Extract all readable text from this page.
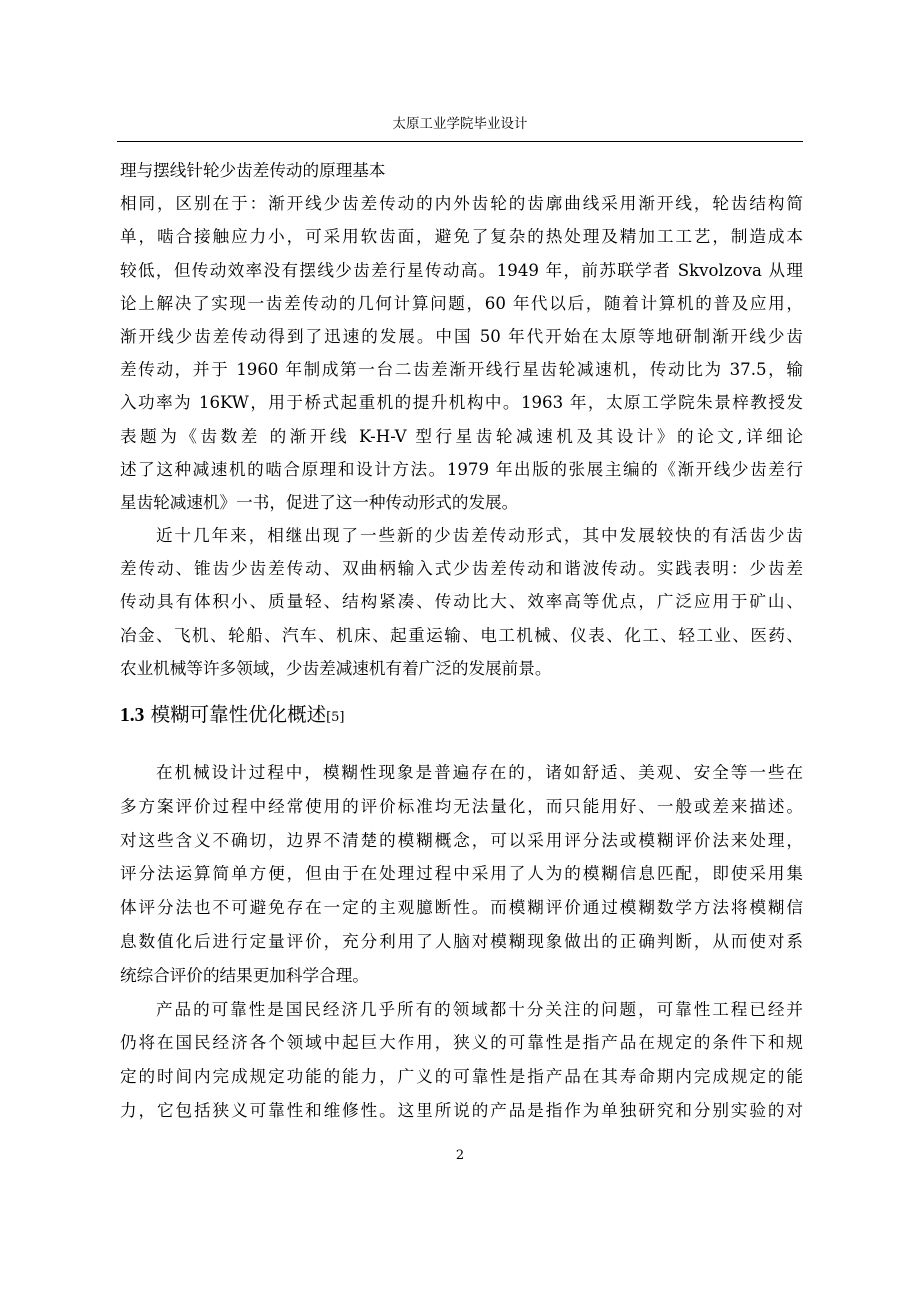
太原工业学院毕业设计
理与摆线针轮少齿差传动的原理基本
相同，区别在于：渐开线少齿差传动的内外齿轮的齿廓曲线采用渐开线，轮齿结构简
单，啮合接触应力小，可采用软齿面，避免了复杂的热处理及精加工工艺，制造成本
较低，但传动效率没有摆线少齿差行星传动高。1949 年，前苏联学者 Skvolzova 从理
论上解决了实现一齿差传动的几何计算问题，60 年代以后，随着计算机的普及应用，
渐开线少齿差传动得到了迅速的发展。中国 50 年代开始在太原等地研制渐开线少齿
差传动，并于 1960 年制成第一台二齿差渐开线行星齿轮减速机，传动比为 37.5，输
入功率为 16KW，用于桥式起重机的提升机构中。1963 年，太原工学院朱景梓教授发
表题为《齿数差 的渐开线 K-H-V 型行星齿轮减速机及其设计》的论文,详细论
述了这种减速机的啮合原理和设计方法。1979 年出版的张展主编的《渐开线少齿差行
星齿轮减速机》一书，促进了这一种传动形式的发展。
近十几年来，相继出现了一些新的少齿差传动形式，其中发展较快的有活齿少齿
差传动、锥齿少齿差传动、双曲柄输入式少齿差传动和谐波传动。实践表明：少齿差
传动具有体积小、质量轻、结构紧凑、传动比大、效率高等优点，广泛应用于矿山、
冶金、飞机、轮船、汽车、机床、起重运输、电工机械、仪表、化工、轻工业、医药、
农业机械等许多领域，少齿差减速机有着广泛的发展前景。
1.3 模糊可靠性优化概述[5]
在机械设计过程中，模糊性现象是普遍存在的，诸如舒适、美观、安全等一些在
多方案评价过程中经常使用的评价标准均无法量化，而只能用好、一般或差来描述。
对这些含义不确切，边界不清楚的模糊概念，可以采用评分法或模糊评价法来处理，
评分法运算简单方便，但由于在处理过程中采用了人为的模糊信息匹配，即使采用集
体评分法也不可避免存在一定的主观臆断性。而模糊评价通过模糊数学方法将模糊信
息数值化后进行定量评价，充分利用了人脑对模糊现象做出的正确判断，从而使对系
统综合评价的结果更加科学合理。
产品的可靠性是国民经济几乎所有的领域都十分关注的问题，可靠性工程已经并
仍将在国民经济各个领域中起巨大作用，狭义的可靠性是指产品在规定的条件下和规
定的时间内完成规定功能的能力，广义的可靠性是指产品在其寿命期内完成规定的能
力，它包括狭义可靠性和维修性。这里所说的产品是指作为单独研究和分别实验的对
2
